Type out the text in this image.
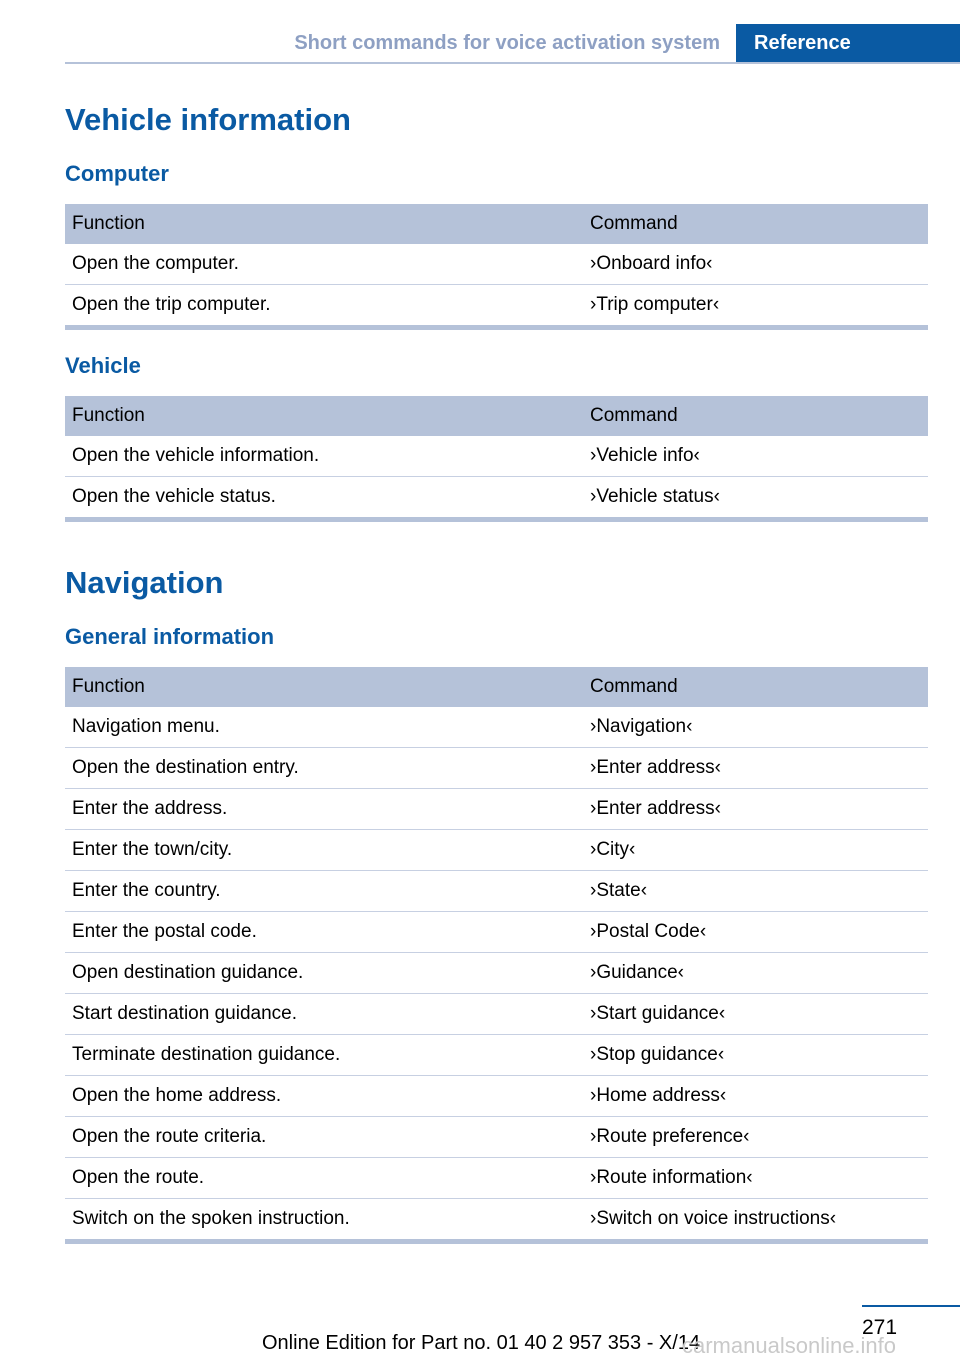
Short commands for voice activation system	Reference
Vehicle information
Computer
Function	Command
Open the computer.	›Onboard info‹
Open the trip computer.	›Trip computer‹
Vehicle
Function	Command
Open the vehicle information.	›Vehicle info‹
Open the vehicle status.	›Vehicle status‹
Navigation
General information
Function	Command
Navigation menu.	›Navigation‹
Open the destination entry.	›Enter address‹
Enter the address.	›Enter address‹
Enter the town/city.	›City‹
Enter the country.	›State‹
Enter the postal code.	›Postal Code‹
Open destination guidance.	›Guidance‹
Start destination guidance.	›Start guidance‹
Terminate destination guidance.	›Stop guidance‹
Open the home address.	›Home address‹
Open the route criteria.	›Route preference‹
Open the route.	›Route information‹
Switch on the spoken instruction.	›Switch on voice instructions‹
271
Online Edition for Part no. 01 40 2 957 353 - X/14
carmanualsonline.info
